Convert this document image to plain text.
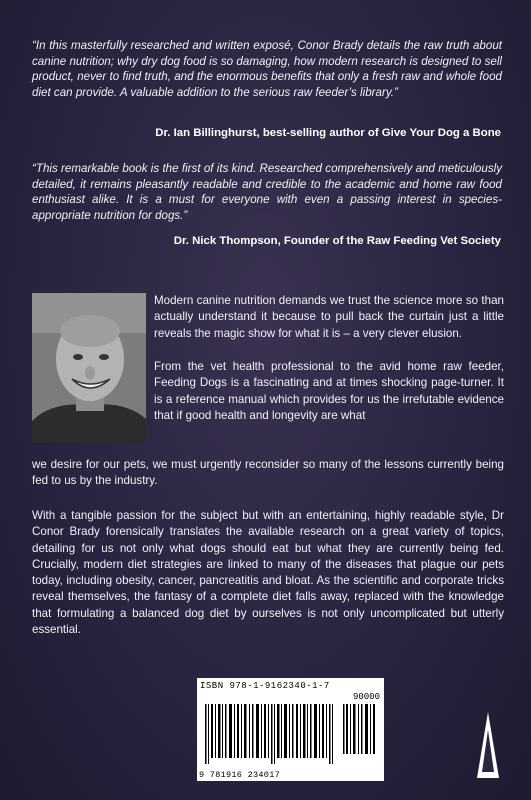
“In this masterfully researched and written exposé, Conor Brady details the raw truth about canine nutrition; why dry dog food is so damaging, how modern research is designed to sell product, never to find truth, and the enormous benefits that only a fresh raw and whole food diet can provide. A valuable addition to the serious raw feeder’s library.”
Dr. Ian Billinghurst, best-selling author of Give Your Dog a Bone
“This remarkable book is the first of its kind. Researched comprehensively and meticulously detailed, it remains pleasantly readable and credible to the academic and home raw food enthusiast alike. It is a must for everyone with even a passing interest in species- appropriate nutrition for dogs.”
Dr. Nick Thompson, Founder of the Raw Feeding Vet Society
Modern canine nutrition demands we trust the science more so than actually understand it because to pull back the curtain just a little reveals the magic show for what it is – a very clever elusion.
From the vet health professional to the avid home raw feeder, Feeding Dogs is a fascinating and at times shocking page-turner. It is a reference manual which provides for us the irrefutable evidence that if good health and longevity are what
we desire for our pets, we must urgently reconsider so many of the lessons currently being fed to us by the industry.
With a tangible passion for the subject but with an entertaining, highly readable style, Dr Conor Brady forensically translates the available research on a great variety of topics, detailing for us not only what dogs should eat but what they are currently being fed. Crucially, modern diet strategies are linked to many of the diseases that plague our pets today, including obesity, cancer, pancreatitis and bloat. As the scientific and corporate tricks reveal themselves, the fantasy of a complete diet falls away, replaced with the knowledge that formulating a balanced dog diet by ourselves is not only uncomplicated but utterly essential.
ISBN 978-1-9162340-1-7
90000
9 781916 234017
